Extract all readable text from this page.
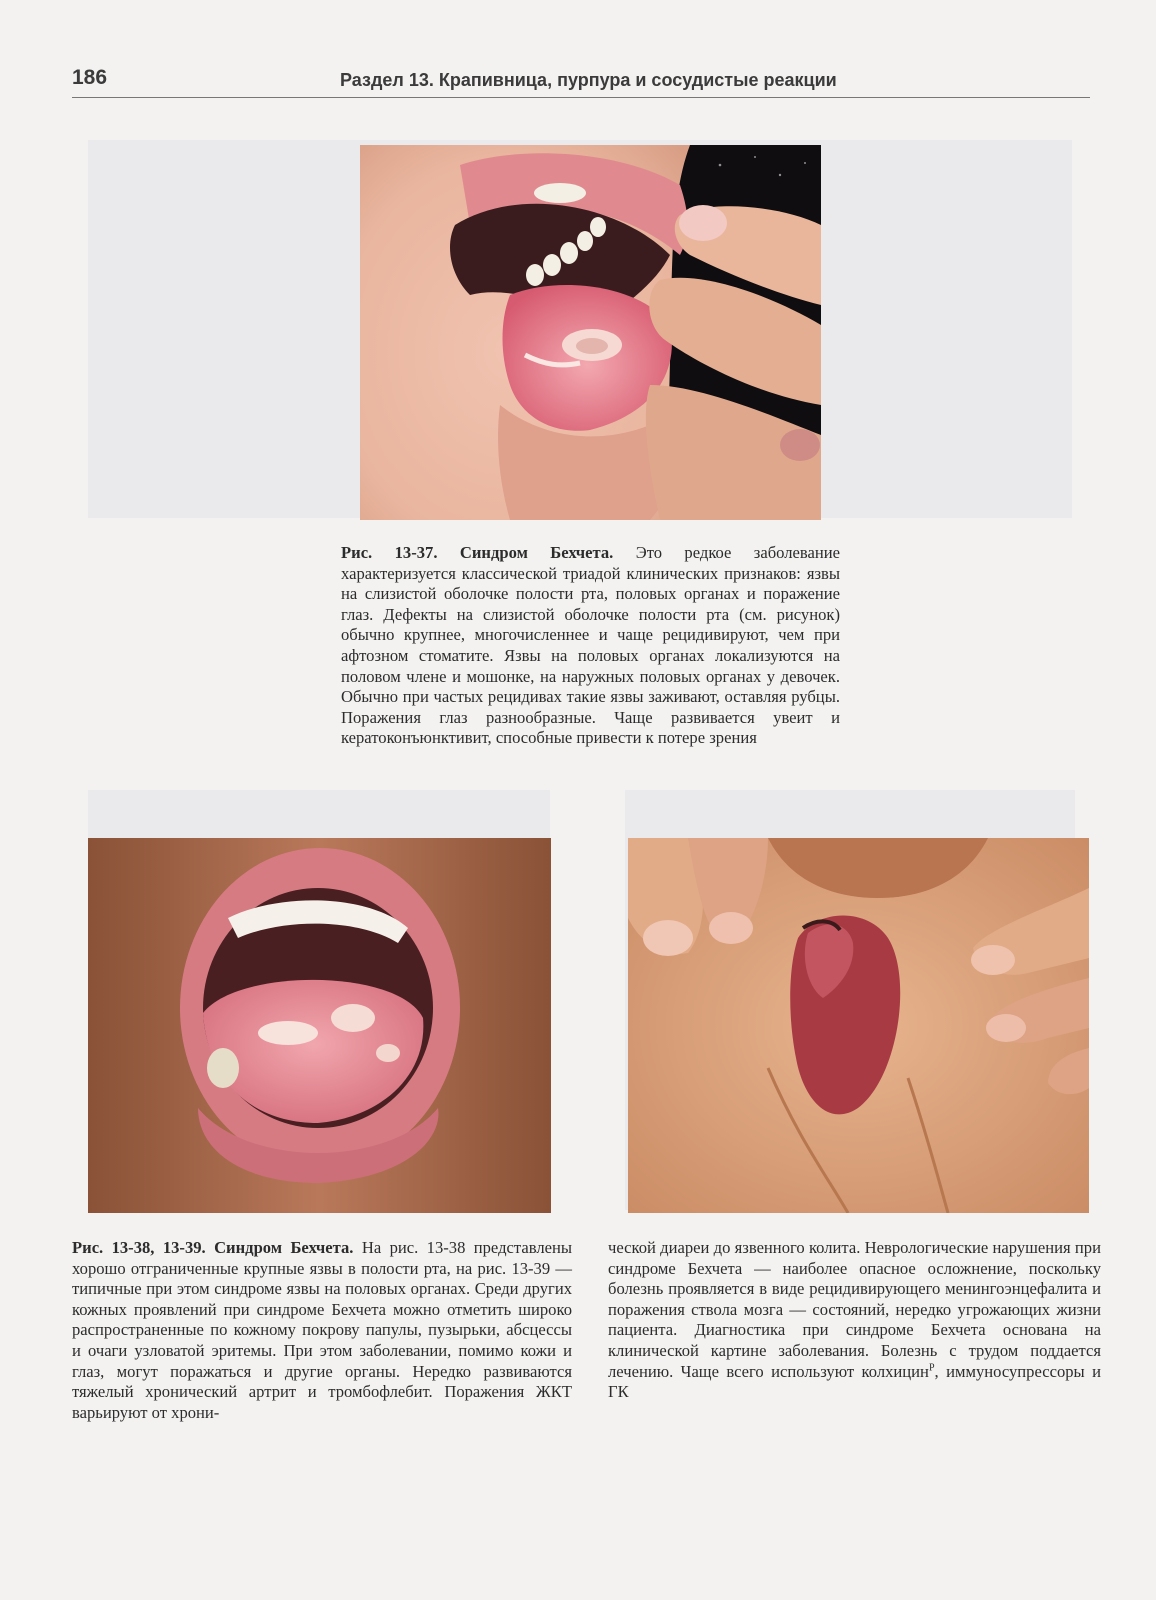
186	Раздел 13. Крапивница, пурпура и сосудистые реакции
Рис. 13-37. Синдром Бехчета. Это редкое заболевание характеризуется классической триадой клинических признаков: язвы на слизистой оболочке полости рта, половых органах и поражение глаз. Дефекты на слизистой оболочке полости рта (см. рисунок) обычно крупнее, многочисленнее и чаще рецидивируют, чем при афтозном стоматите. Язвы на половых органах локализуются на половом члене и мошонке, на наружных половых органах у девочек. Обычно при частых рецидивах такие язвы заживают, оставляя рубцы. Поражения глаз разнообразные. Чаще развивается увеит и кератоконъюнктивит, способные привести к потере зрения
Рис. 13-38, 13-39. Синдром Бехчета. На рис. 13-38 представлены хорошо отграниченные крупные язвы в полости рта, на рис. 13-39 — типичные при этом синдроме язвы на половых органах. Среди других кожных проявлений при синдроме Бехчета можно отметить широко распространенные по кожному покрову папулы, пузырьки, абсцессы и очаги узловатой эритемы. При этом заболевании, помимо кожи и глаз, могут поражаться и другие органы. Нередко развиваются тяжелый хронический артрит и тромбофлебит. Поражения ЖКТ варьируют от хрони-
ческой диареи до язвенного колита. Неврологические нарушения при синдроме Бехчета — наиболее опасное осложнение, поскольку болезнь проявляется в виде рецидивирующего менингоэнцефалита и поражения ствола мозга — состояний, нередко угрожающих жизни пациента. Диагностика при синдроме Бехчета основана на клинической картине заболевания. Болезнь с трудом поддается лечению. Чаще всего используют колхицин$^Р$, иммуносупрессоры и ГК
